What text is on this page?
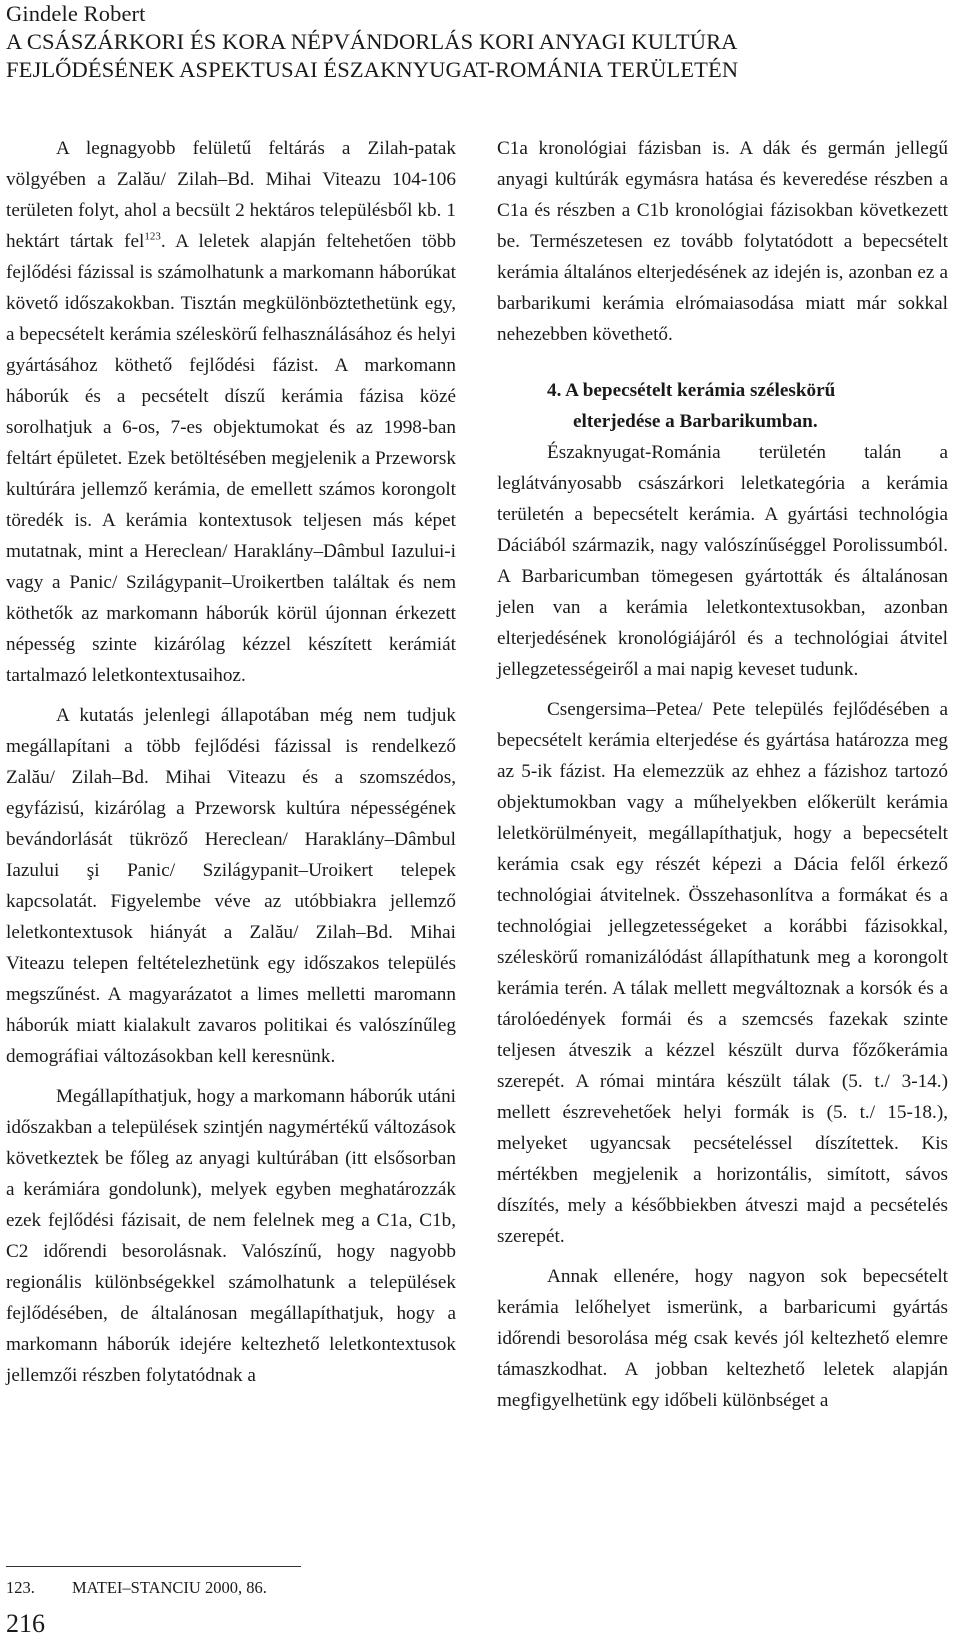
Gindele Robert
A CSÁSZÁRKORI ÉS KORA NÉPVÁNDORLÁS KORI ANYAGI KULTÚRA
FEJLŐDÉSÉNEK ASPEKTUSAI ÉSZAKNYUGAT-ROMÁNIA TERÜLETÉN

A legnagyobb felületű feltárás a Zilah-patak völgyében a Zalău/ Zilah–Bd. Mihai Viteazu 104-106 területen folyt, ahol a becsült 2 hektáros településből kb. 1 hektárt tártak fel$^{123}$. A leletek alapján feltehetően több fejlődési fázissal is számolhatunk a markomann háborúkat követő időszakokban. Tisztán megkülönböztethetünk egy, a bepecsételt kerámia széleskörű felhasználásához és helyi gyártásához köthető fejlődési fázist. A markomann háborúk és a pecsételt díszű kerámia fázisa közé sorolhatjuk a 6-os, 7-es objektumokat és az 1998-ban feltárt épületet. Ezek betöltésében megjelenik a Przeworsk kultúrára jellemző kerámia, de emellett számos korongolt töredék is. A kerámia kontextusok teljesen más képet mutatnak, mint a Hereclean/ Haraklány–Dâmbul Iazului-i vagy a Panic/ Szilágypanit–Uroikertben találtak és nem köthetők az markomann háborúk körül újonnan érkezett népesség szinte kizárólag kézzel készített kerámiát tartalmazó leletkontextusaihoz.

A kutatás jelenlegi állapotában még nem tudjuk megállapítani a több fejlődési fázissal is rendelkező Zalău/ Zilah–Bd. Mihai Viteazu és a szomszédos, egyfázisú, kizárólag a Przeworsk kultúra népességének bevándorlását tükröző Hereclean/ Haraklány–Dâmbul Iazului şi Panic/ Szilágypanit–Uroikert telepek kapcsolatát. Figyelembe véve az utóbbiakra jellemző leletkontextusok hiányát a Zalău/ Zilah–Bd. Mihai Viteazu telepen feltételezhetünk egy időszakos település megszűnést. A magyarázatot a limes melletti maromann háborúk miatt kialakult zavaros politikai és valószínűleg demográfiai változásokban kell keresnünk.

Megállapíthatjuk, hogy a markomann háborúk utáni időszakban a települések szintjén nagymértékű változások következtek be főleg az anyagi kultúrában (itt elsősorban a kerámiára gondolunk), melyek egyben meghatározzák ezek fejlődési fázisait, de nem felelnek meg a C1a, C1b, C2 időrendi besorolásnak. Valószínű, hogy nagyobb regionális különbségekkel számolhatunk a települések fejlődésében, de általánosan megállapíthatjuk, hogy a markomann háborúk idejére keltezhető leletkontextusok jellemzői részben folytatódnak a

C1a kronológiai fázisban is. A dák és germán jellegű anyagi kultúrák egymásra hatása és keveredése részben a C1a és részben a C1b kronológiai fázisokban következett be. Természetesen ez tovább folytatódott a bepecsételt kerámia általános elterjedésének az idején is, azonban ez a barbarikumi kerámia elrómaiasodása miatt már sokkal nehezebben követhető.

4. A bepecsételt kerámia széleskörű
elterjedése a Barbarikumban.

Északnyugat-Románia területén talán a leglátványosabb császárkori leletkategória a kerámia területén a bepecsételt kerámia. A gyártási technológia Dáciából származik, nagy valószínűséggel Porolissumból. A Barbaricumban tömegesen gyártották és általánosan jelen van a kerámia leletkontextusokban, azonban elterjedésének kronológiájáról és a technológiai átvitel jellegzetességeiről a mai napig keveset tudunk.

Csengersima–Petea/ Pete település fejlődésében a bepecsételt kerámia elterjedése és gyártása határozza meg az 5-ik fázist. Ha elemezzük az ehhez a fázishoz tartozó objektumokban vagy a műhelyekben előkerült kerámia leletkörülményeit, megállapíthatjuk, hogy a bepecsételt kerámia csak egy részét képezi a Dácia felől érkező technológiai átvitelnek. Összehasonlítva a formákat és a technológiai jellegzetességeket a korábbi fázisokkal, széleskörű romanizálódást állapíthatunk meg a korongolt kerámia terén. A tálak mellett megváltoznak a korsók és a tárolóedények formái és a szemcsés fazekak szinte teljesen átveszik a kézzel készült durva főzőkerámia szerepét. A római mintára készült tálak (5. t./ 3-14.) mellett észrevehetőek helyi formák is (5. t./ 15-18.), melyeket ugyancsak pecsételéssel díszítettek. Kis mértékben megjelenik a horizontális, simított, sávos díszítés, mely a későbbiekben átveszi majd a pecsételés szerepét.

Annak ellenére, hogy nagyon sok bepecsételt kerámia lelőhelyet ismerünk, a barbaricumi gyártás időrendi besorolása még csak kevés jól keltezhető elemre támaszkodhat. A jobban keltezhető leletek alapján megfigyelhetünk egy időbeli különbséget a

123. MATEI–STANCIU 2000, 86.
216
